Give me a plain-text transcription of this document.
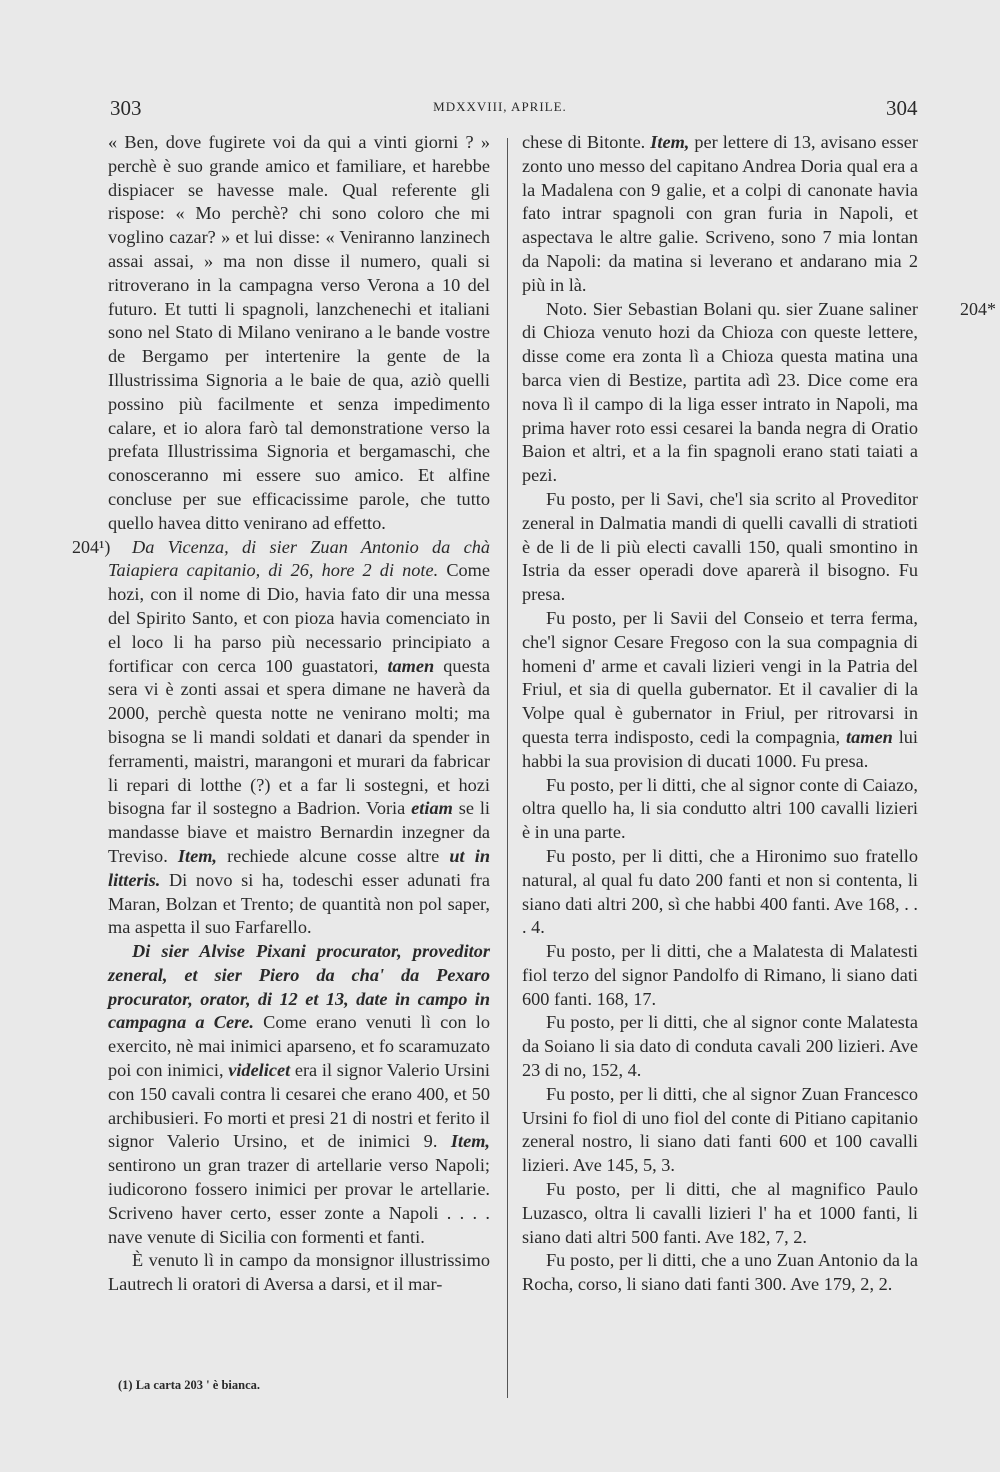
303	MDXXVIII, APRILE.	304

« Ben, dove fugirete voi da qui a vinti giorni ? » perchè è suo grande amico et familiare, et harebbe dispiacer se havesse male. Qual referente gli rispose: « Mo perchè? chi sono coloro che mi voglino cazar? » et lui disse: « Veniranno lanzinech assai assai, » ma non disse il numero, quali si ritroverano in la campagna verso Verona a 10 del futuro. Et tutti li spagnoli, lanzchenechi et italiani sono nel Stato di Milano venirano a le bande vostre de Bergamo per intertenire la gente de la Illustrissima Signoria a le baie de qua, aziò quelli possino più facilmente et senza impedimento calare, et io alora farò tal demonstratione verso la prefata Illustrissima Signoria et bergamaschi, che conosceranno mi essere suo amico. Et alfine concluse per sue efficacissime parole, che tutto quello havea ditto venirano ad effetto.

204¹) Da Vicenza, di sier Zuan Antonio da chà Taiapiera capitanio, di 26, hore 2 di note. Come hozi, con il nome di Dio, havia fato dir una messa del Spirito Santo, et con pioza havia comenciato in el loco li ha parso più necessario principiato a fortificar con cerca 100 guastatori, tamen questa sera vi è zonti assai et spera dimane ne haverà da 2000, perchè questa notte ne venirano molti; ma bisogna se li mandi soldati et danari da spender in ferramenti, maistri, marangoni et murari da fabricar li repari di lotthe (?) et a far li sostegni, et hozi bisogna far il sostegno a Badrion. Voria etiam se li mandasse biave et maistro Bernardin inzegner da Treviso. Item, rechiede alcune cosse altre ut in litteris. Di novo si ha, todeschi esser adunati fra Maran, Bolzan et Trento; de quantità non pol saper, ma aspetta il suo Farfarello.

Di sier Alvise Pixani procurator, proveditor zeneral, et sier Piero da cha' da Pexaro procurator, orator, di 12 et 13, date in campo in campagna a Cere. Come erano venuti lì con lo exercito, nè mai inimici aparseno, et fo scaramuzato poi con inimici, videlicet era il signor Valerio Ursini con 150 cavali contra li cesarei che erano 400, et 50 archibusieri. Fo morti et presi 21 di nostri et ferito il signor Valerio Ursino, et de inimici 9. Item, sentirono un gran trazer di artellarie verso Napoli; iudicorono fossero inimici per provar le artellarie. Scriveno haver certo, esser zonte a Napoli . . . . nave venute di Sicilia con formenti et fanti.

È venuto lì in campo da monsignor illustrissimo Lautrech li oratori di Aversa a darsi, et il mar-

chese di Bitonte. Item, per lettere di 13, avisano esser zonto uno messo del capitano Andrea Doria qual era a la Madalena con 9 galie, et a colpi di canonate havia fato intrar spagnoli con gran furia in Napoli, et aspectava le altre galie. Scriveno, sono 7 mia lontan da Napoli: da matina si leverano et andarano mia 2 più in là.

204*
Noto. Sier Sebastian Bolani qu. sier Zuane saliner di Chioza venuto hozi da Chioza con queste lettere, disse come era zonta lì a Chioza questa matina una barca vien di Bestize, partita adì 23. Dice come era nova lì il campo di la liga esser intrato in Napoli, ma prima haver roto essi cesarei la banda negra di Oratio Baion et altri, et a la fin spagnoli erano stati taiati a pezi.

Fu posto, per li Savi, che'l sia scrito al Proveditor zeneral in Dalmatia mandi di quelli cavalli di stratioti è de li de li più electi cavalli 150, quali smontino in Istria da esser operadi dove aparerà il bisogno. Fu presa.

Fu posto, per li Savii del Conseio et terra ferma, che'l signor Cesare Fregoso con la sua compagnia di homeni d' arme et cavali lizieri vengi in la Patria del Friul, et sia di quella gubernator. Et il cavalier di la Volpe qual è gubernator in Friul, per ritrovarsi in questa terra indisposto, cedi la compagnia, tamen lui habbi la sua provision di ducati 1000. Fu presa.

Fu posto, per li ditti, che al signor conte di Caiazo, oltra quello ha, li sia condutto altri 100 cavalli lizieri è in una parte.

Fu posto, per li ditti, che a Hironimo suo fratello natural, al qual fu dato 200 fanti et non si contenta, li siano dati altri 200, sì che habbi 400 fanti. Ave 168, . . . 4.

Fu posto, per li ditti, che a Malatesta di Malatesti fiol terzo del signor Pandolfo di Rimano, li siano dati 600 fanti. 168, 17.

Fu posto, per li ditti, che al signor conte Malatesta da Soiano li sia dato di conduta cavali 200 lizieri. Ave 23 di no, 152, 4.

Fu posto, per li ditti, che al signor Zuan Francesco Ursini fo fiol di uno fiol del conte di Pitiano capitanio zeneral nostro, li siano dati fanti 600 et 100 cavalli lizieri. Ave 145, 5, 3.

Fu posto, per li ditti, che al magnifico Paulo Luzasco, oltra li cavalli lizieri l' ha et 1000 fanti, li siano dati altri 500 fanti. Ave 182, 7, 2.

Fu posto, per li ditti, che a uno Zuan Antonio da la Rocha, corso, li siano dati fanti 300. Ave 179, 2, 2.

(1) La carta 203 ' è bianca.
